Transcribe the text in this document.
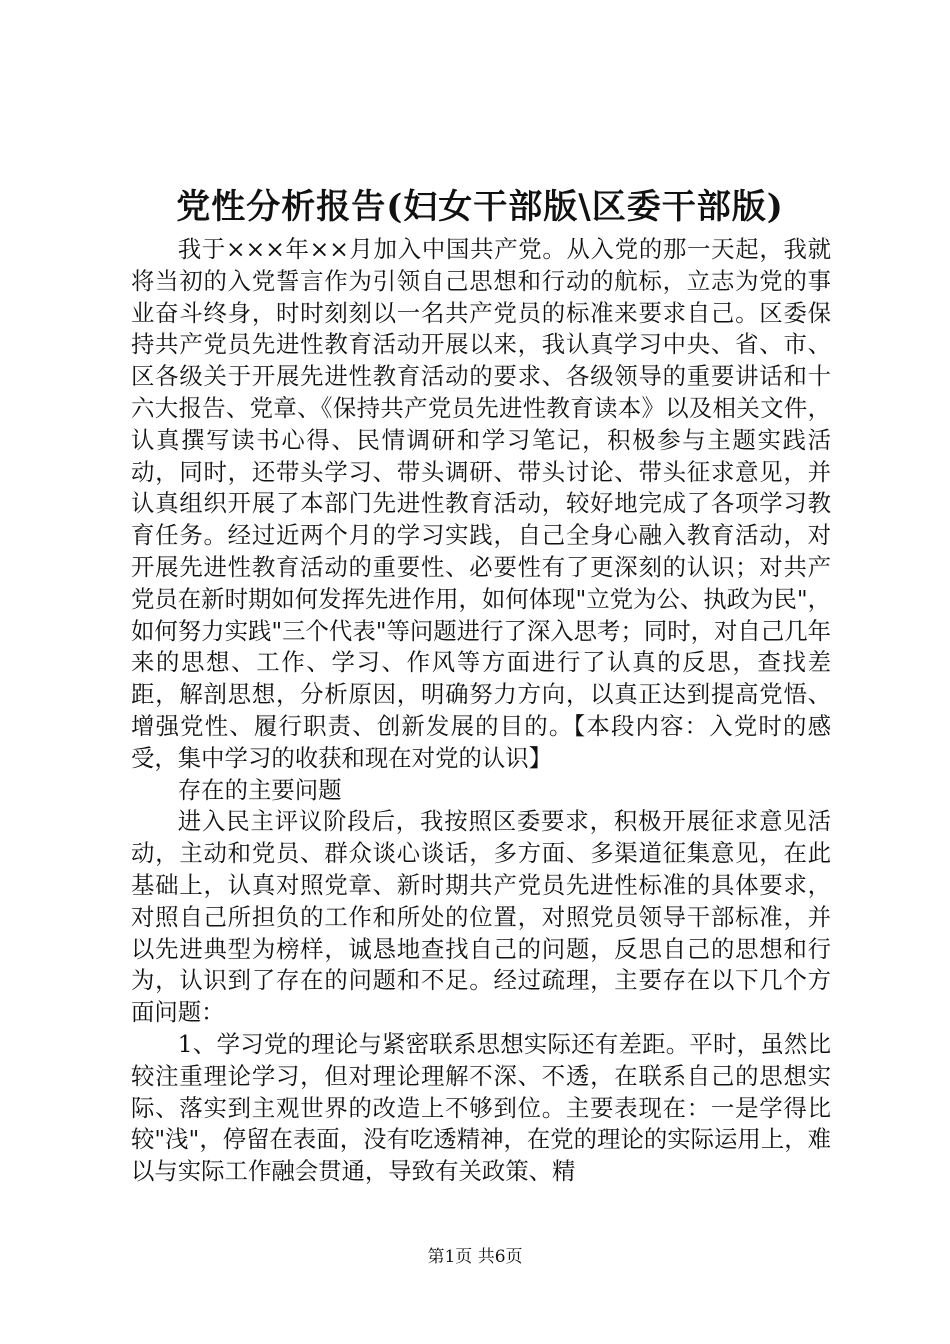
党性分析报告(妇女干部版\区委干部版)

我于×××年××月加入中国共产党。从入党的那一天起，我就将当初的入党誓言作为引领自己思想和行动的航标，立志为党的事业奋斗终身，时时刻刻以一名共产党员的标准来要求自己。区委保持共产党员先进性教育活动开展以来，我认真学习中央、省、市、区各级关于开展先进性教育活动的要求、各级领导的重要讲话和十六大报告、党章、《保持共产党员先进性教育读本》以及相关文件，认真撰写读书心得、民情调研和学习笔记，积极参与主题实践活动，同时，还带头学习、带头调研、带头讨论、带头征求意见，并认真组织开展了本部门先进性教育活动，较好地完成了各项学习教育任务。经过近两个月的学习实践，自己全身心融入教育活动，对开展先进性教育活动的重要性、必要性有了更深刻的认识；对共产党员在新时期如何发挥先进作用，如何体现"立党为公、执政为民"，如何努力实践"三个代表"等问题进行了深入思考；同时，对自己几年来的思想、工作、学习、作风等方面进行了认真的反思，查找差距，解剖思想，分析原因，明确努力方向，以真正达到提高党悟、增强党性、履行职责、创新发展的目的。【本段内容：入党时的感受，集中学习的收获和现在对党的认识】

存在的主要问题

进入民主评议阶段后，我按照区委要求，积极开展征求意见活动，主动和党员、群众谈心谈话，多方面、多渠道征集意见，在此基础上，认真对照党章、新时期共产党员先进性标准的具体要求，对照自己所担负的工作和所处的位置，对照党员领导干部标准，并以先进典型为榜样，诚恳地查找自己的问题，反思自己的思想和行为，认识到了存在的问题和不足。经过疏理，主要存在以下几个方面问题：

1、学习党的理论与紧密联系思想实际还有差距。平时，虽然比较注重理论学习，但对理论理解不深、不透，在联系自己的思想实际、落实到主观世界的改造上不够到位。主要表现在：一是学得比较"浅"，停留在表面，没有吃透精神，在党的理论的实际运用上，难以与实际工作融会贯通，导致有关政策、精

第1页 共6页
